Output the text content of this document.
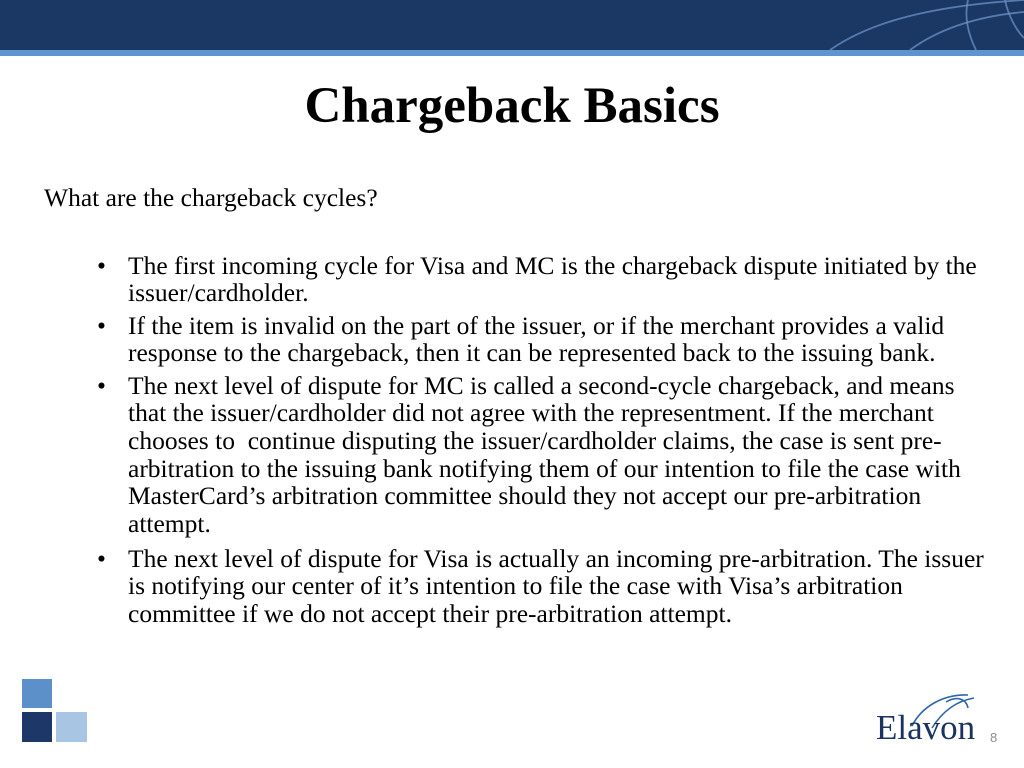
Chargeback Basics
What are the chargeback cycles?
• The first incoming cycle for Visa and MC is the chargeback dispute initiated by the
issuer/cardholder.
• If the item is invalid on the part of the issuer, or if the merchant provides a valid
response to the chargeback, then it can be represented back to the issuing bank.
• The next level of dispute for MC is called a second-cycle chargeback, and means
that the issuer/cardholder did not agree with the representment. If the merchant
chooses to  continue disputing the issuer/cardholder claims, the case is sent pre-
arbitration to the issuing bank notifying them of our intention to file the case with
MasterCard’s arbitration committee should they not accept our pre-arbitration
attempt.
• The next level of dispute for Visa is actually an incoming pre-arbitration. The issuer
is notifying our center of it’s intention to file the case with Visa’s arbitration
committee if we do not accept their pre-arbitration attempt.
Elavon 8
